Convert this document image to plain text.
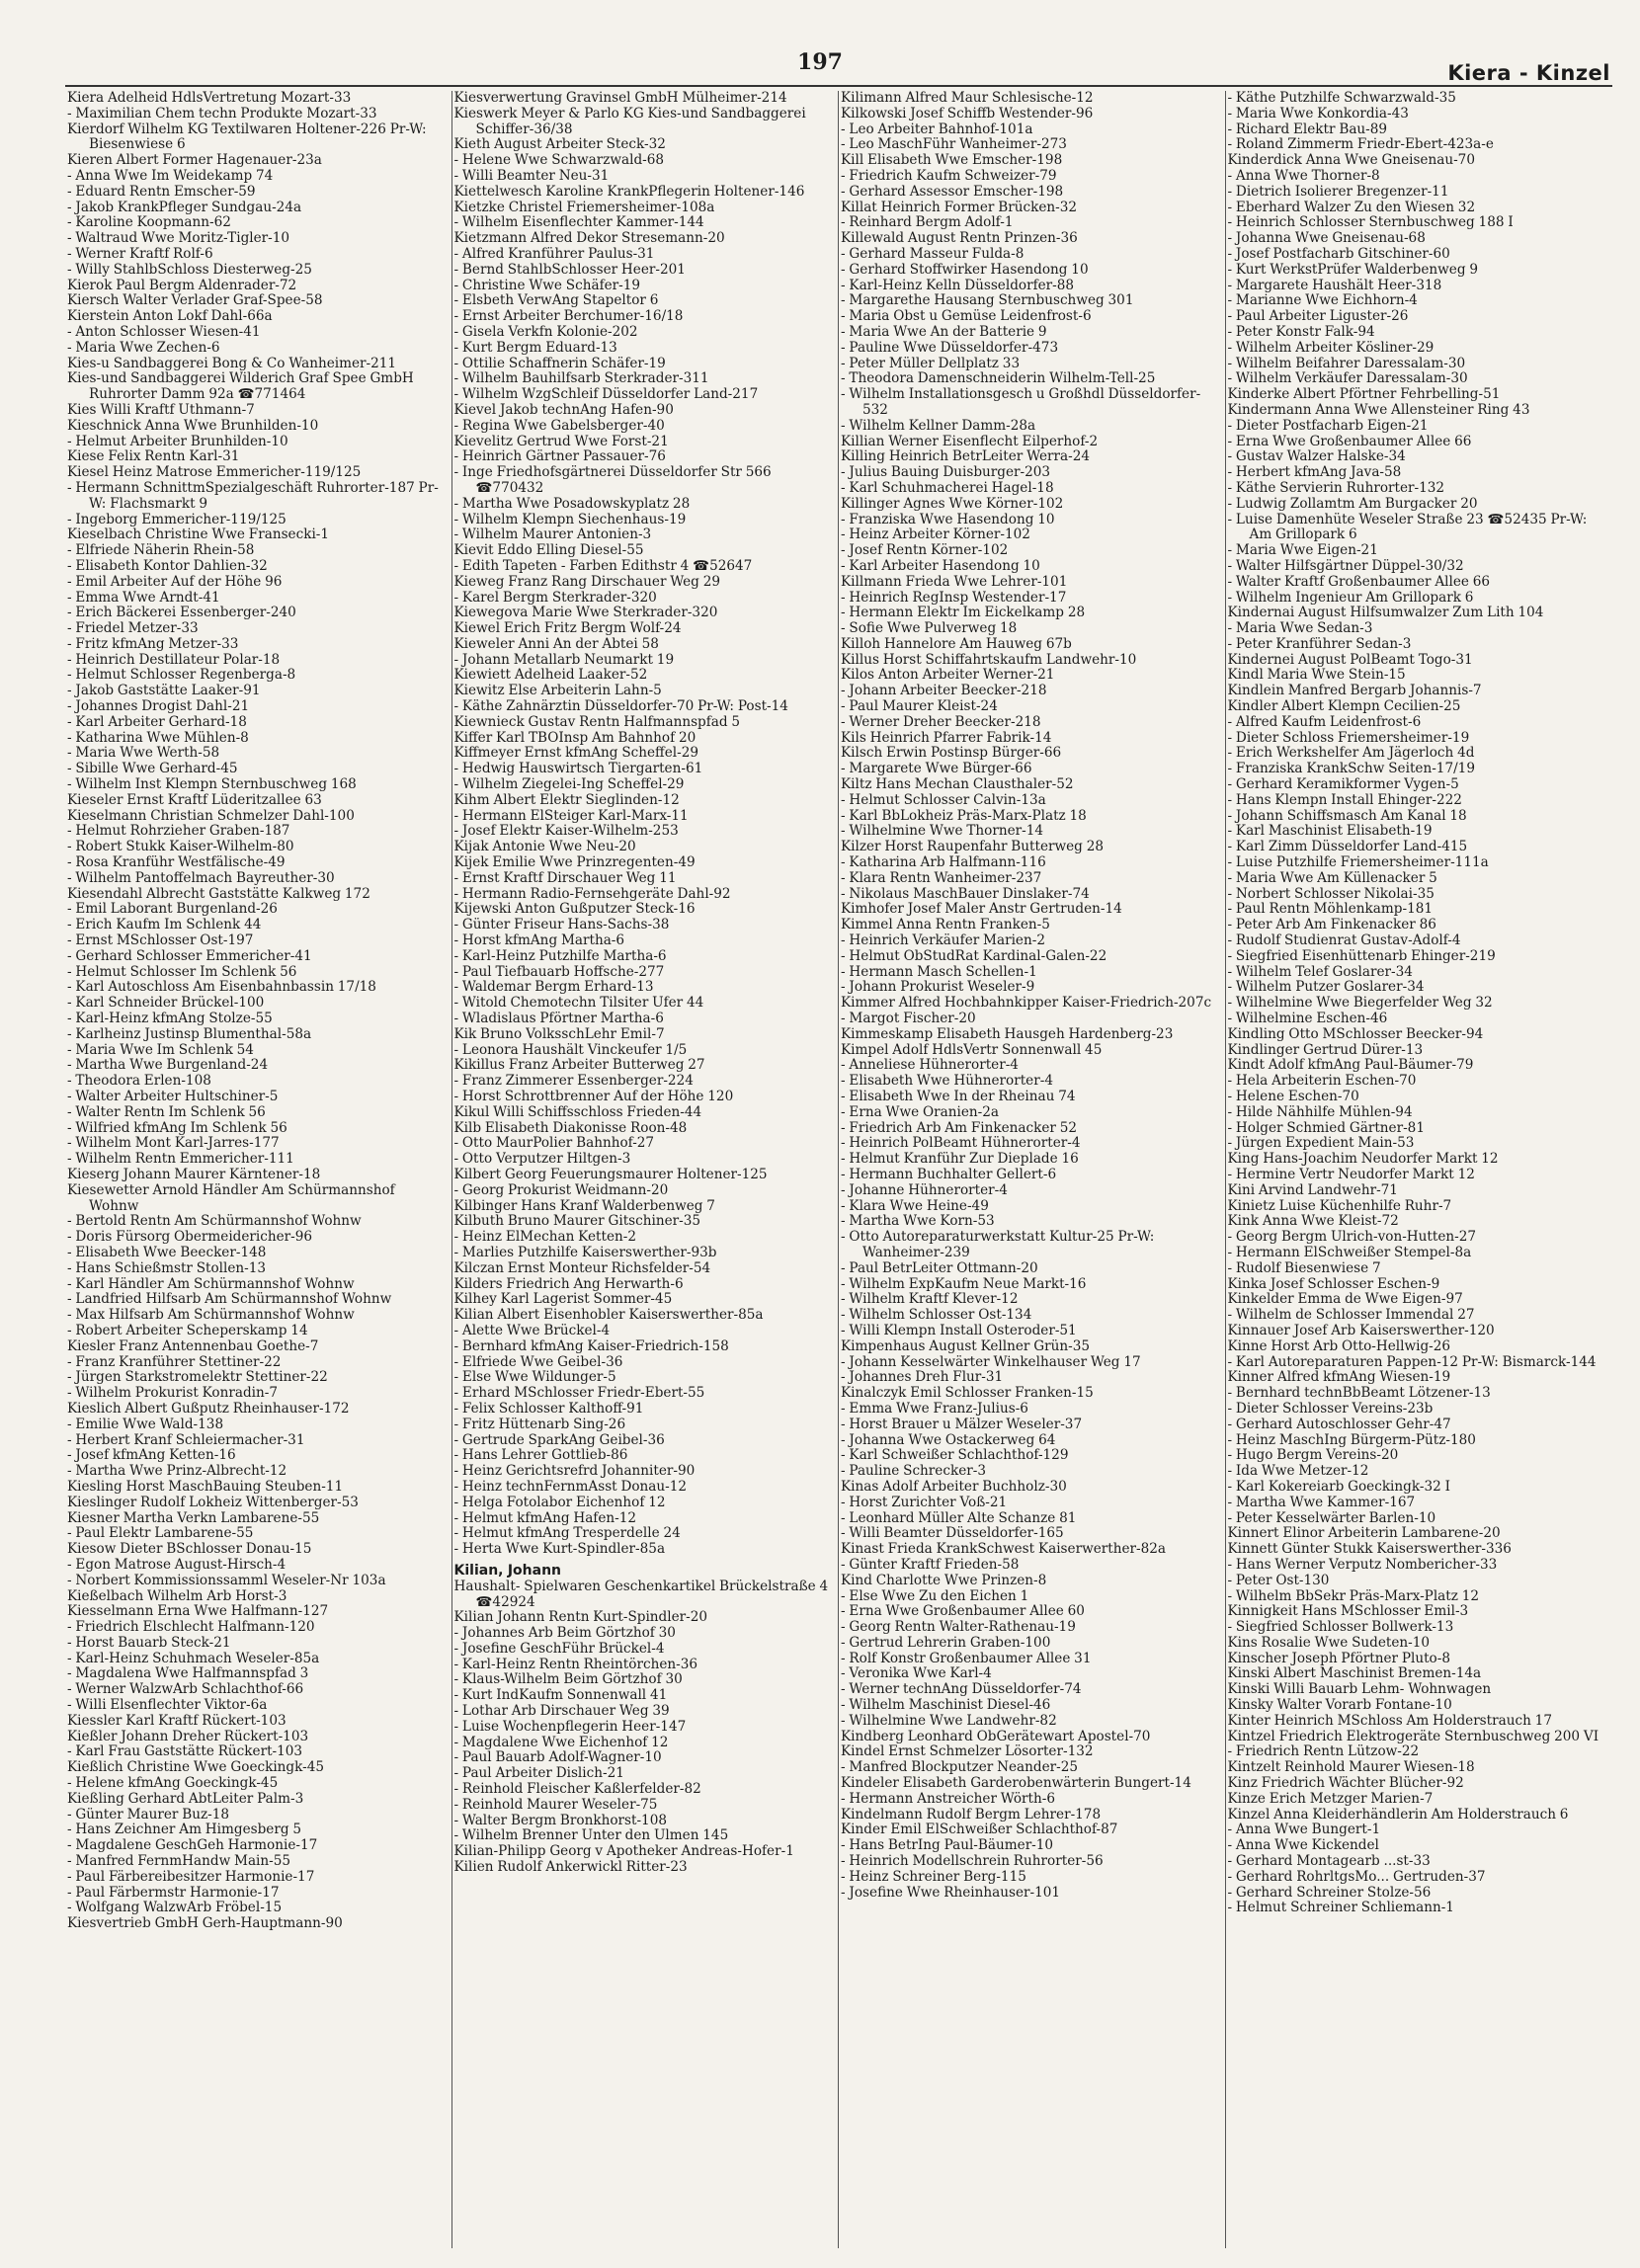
197	Kiera - Kinzel

Kiera Adelheid HdlsVertretung Mozart-33

- Maximilian Chem techn Produkte Mozart-33

Kierdorf Wilhelm KG Textilwaren Holtener-226 Pr-W: Biesenwiese 6

Kieren Albert Former Hagenauer-23a

- Anna Wwe Im Weidekamp 74

- Eduard Rentn Emscher-59

- Jakob KrankPfleger Sundgau-24a

- Karoline Koopmann-62

- Waltraud Wwe Moritz-Tigler-10

- Werner Kraftf Rolf-6

- Willy StahlbSchloss Diesterweg-25

Kierok Paul Bergm Aldenrader-72

Kiersch Walter Verlader Graf-Spee-58

Kierstein Anton Lokf Dahl-66a

- Anton Schlosser Wiesen-41

- Maria Wwe Zechen-6

Kies-u Sandbaggerei Bong & Co Wanheimer-211

Kies-und Sandbaggerei Wilderich Graf Spee GmbH Ruhrorter Damm 92a ☎771464

Kies Willi Kraftf Uthmann-7

Kieschnick Anna Wwe Brunhilden-10

- Helmut Arbeiter Brunhilden-10

Kiese Felix Rentn Karl-31

Kiesel Heinz Matrose Emmericher-119/125

- Hermann SchnittmSpezialgeschäft Ruhrorter-187 Pr-W: Flachsmarkt 9

- Ingeborg Emmericher-119/125

Kieselbach Christine Wwe Fransecki-1

- Elfriede Näherin Rhein-58

- Elisabeth Kontor Dahlien-32

- Emil Arbeiter Auf der Höhe 96

- Emma Wwe Arndt-41

- Erich Bäckerei Essenberger-240

- Friedel Metzer-33

- Fritz kfmAng Metzer-33

- Heinrich Destillateur Polar-18

- Helmut Schlosser Regenberga-8

- Jakob Gaststätte Laaker-91

- Johannes Drogist Dahl-21

- Karl Arbeiter Gerhard-18

- Katharina Wwe Mühlen-8

- Maria Wwe Werth-58

- Sibille Wwe Gerhard-45

- Wilhelm Inst Klempn Sternbuschweg 168

Kieseler Ernst Kraftf Lüderitzallee 63

Kieselmann Christian Schmelzer Dahl-100

- Helmut Rohrzieher Graben-187

- Robert Stukk Kaiser-Wilhelm-80

- Rosa Kranführ Westfälische-49

- Wilhelm Pantoffelmach Bayreuther-30

Kiesendahl Albrecht Gaststätte Kalkweg 172

- Emil Laborant Burgenland-26

- Erich Kaufm Im Schlenk 44

- Ernst MSchlosser Ost-197

- Gerhard Schlosser Emmericher-41

- Helmut Schlosser Im Schlenk 56

- Karl Autoschloss Am Eisenbahnbassin 17/18

- Karl Schneider Brückel-100

- Karl-Heinz kfmAng Stolze-55

- Karlheinz Justinsp Blumenthal-58a

- Maria Wwe Im Schlenk 54

- Martha Wwe Burgenland-24

- Theodora Erlen-108

- Walter Arbeiter Hultschiner-5

- Walter Rentn Im Schlenk 56

- Wilfried kfmAng Im Schlenk 56

- Wilhelm Mont Karl-Jarres-177

- Wilhelm Rentn Emmericher-111

Kieserg Johann Maurer Kärntener-18

Kiesewetter Arnold Händler Am Schürmannshof Wohnw

- Bertold Rentn Am Schürmannshof Wohnw

- Doris Fürsorg Obermeidericher-96

- Elisabeth Wwe Beecker-148

- Hans Schießmstr Stollen-13

- Karl Händler Am Schürmannshof Wohnw

- Landfried Hilfsarb Am Schürmannshof Wohnw

- Max Hilfsarb Am Schürmannshof Wohnw

- Robert Arbeiter Scheperskamp 14

Kiesler Franz Antennenbau Goethe-7

- Franz Kranführer Stettiner-22

- Jürgen Starkstromelektr Stettiner-22

- Wilhelm Prokurist Konradin-7

Kieslich Albert Gußputz Rheinhauser-172

- Emilie Wwe Wald-138

- Herbert Kranf Schleiermacher-31

- Josef kfmAng Ketten-16

- Martha Wwe Prinz-Albrecht-12

Kiesling Horst MaschBauing Steuben-11

Kieslinger Rudolf Lokheiz Wittenberger-53

Kiesner Martha Verkn Lambarene-55

- Paul Elektr Lambarene-55

Kiesow Dieter BSchlosser Donau-15

- Egon Matrose August-Hirsch-4

- Norbert Kommissionssamml Weseler-Nr 103a

Kießelbach Wilhelm Arb Horst-3

Kiesselmann Erna Wwe Halfmann-127

- Friedrich Elschlecht Halfmann-120

- Horst Bauarb Steck-21

- Karl-Heinz Schuhmach Weseler-85a

- Magdalena Wwe Halfmannspfad 3

- Werner WalzwArb Schlachthof-66

- Willi Elsenflechter Viktor-6a

Kiessler Karl Kraftf Rückert-103

Kießler Johann Dreher Rückert-103

- Karl Frau Gaststätte Rückert-103

Kießlich Christine Wwe Goeckingk-45

- Helene kfmAng Goeckingk-45

Kießling Gerhard AbtLeiter Palm-3

- Günter Maurer Buz-18

- Hans Zeichner Am Himgesberg 5

- Magdalene GeschGeh Harmonie-17

- Manfred FernmHandw Main-55

- Paul Färbereibesitzer Harmonie-17

- Paul Färbermstr Harmonie-17

- Wolfgang WalzwArb Fröbel-15

Kiesvertrieb GmbH Gerh-Hauptmann-90

Kiesverwertung Gravinsel GmbH Mülheimer-214

Kieswerk Meyer & Parlo KG Kies-und Sandbaggerei Schiffer-36/38

Kieth August Arbeiter Steck-32

- Helene Wwe Schwarzwald-68

- Willi Beamter Neu-31

Kiettelwesch Karoline KrankPflegerin Holtener-146

Kietzke Christel Friemersheimer-108a

- Wilhelm Eisenflechter Kammer-144

Kietzmann Alfred Dekor Stresemann-20

- Alfred Kranführer Paulus-31

- Bernd StahlbSchlosser Heer-201

- Christine Wwe Schäfer-19

- Elsbeth VerwAng Stapeltor 6

- Ernst Arbeiter Berchumer-16/18

- Gisela Verkfn Kolonie-202

- Kurt Bergm Eduard-13

- Ottilie Schaffnerin Schäfer-19

- Wilhelm Bauhilfsarb Sterkrader-311

- Wilhelm WzgSchleif Düsseldorfer Land-217

Kievel Jakob technAng Hafen-90

- Regina Wwe Gabelsberger-40

Kievelitz Gertrud Wwe Forst-21

- Heinrich Gärtner Passauer-76

- Inge Friedhofsgärtnerei Düsseldorfer Str 566 ☎770432

- Martha Wwe Posadowskyplatz 28

- Wilhelm Klempn Siechenhaus-19

- Wilhelm Maurer Antonien-3

Kievit Eddo Elling Diesel-55

- Edith Tapeten - Farben Edithstr 4 ☎52647

Kieweg Franz Rang Dirschauer Weg 29

- Karel Bergm Sterkrader-320

Kiewegova Marie Wwe Sterkrader-320

Kiewel Erich Fritz Bergm Wolf-24

Kieweler Anni An der Abtei 58

- Johann Metallarb Neumarkt 19

Kiewiett Adelheid Laaker-52

Kiewitz Else Arbeiterin Lahn-5

- Käthe Zahnärztin Düsseldorfer-70 Pr-W: Post-14

Kiewnieck Gustav Rentn Halfmannspfad 5

Kiffer Karl TBOInsp Am Bahnhof 20

Kiffmeyer Ernst kfmAng Scheffel-29

- Hedwig Hauswirtsch Tiergarten-61

- Wilhelm Ziegelei-Ing Scheffel-29

Kihm Albert Elektr Sieglinden-12

- Hermann ElSteiger Karl-Marx-11

- Josef Elektr Kaiser-Wilhelm-253

Kijak Antonie Wwe Neu-20

Kijek Emilie Wwe Prinzregenten-49

- Ernst Kraftf Dirschauer Weg 11

- Hermann Radio-Fernsehgeräte Dahl-92

Kijewski Anton Gußputzer Steck-16

- Günter Friseur Hans-Sachs-38

- Horst kfmAng Martha-6

- Karl-Heinz Putzhilfe Martha-6

- Paul Tiefbauarb Hoffsche-277

- Waldemar Bergm Erhard-13

- Witold Chemotechn Tilsiter Ufer 44

- Wladislaus Pförtner Martha-6

Kik Bruno VolksschLehr Emil-7

- Leonora Haushält Vinckeufer 1/5

Kikillus Franz Arbeiter Butterweg 27

- Franz Zimmerer Essenberger-224

- Horst Schrottbrenner Auf der Höhe 120

Kikul Willi Schiffsschloss Frieden-44

Kilb Elisabeth Diakonisse Roon-48

- Otto MaurPolier Bahnhof-27

- Otto Verputzer Hiltgen-3

Kilbert Georg Feuerungsmaurer Holtener-125

- Georg Prokurist Weidmann-20

Kilbinger Hans Kranf Walderbenweg 7

Kilbuth Bruno Maurer Gitschiner-35

- Heinz ElMechan Ketten-2

- Marlies Putzhilfe Kaiserswerther-93b

Kilczan Ernst Monteur Richsfelder-54

Kilders Friedrich Ang Herwarth-6

Kilhey Karl Lagerist Sommer-45

Kilian Albert Eisenhobler Kaiserswerther-85a

- Alette Wwe Brückel-4

- Bernhard kfmAng Kaiser-Friedrich-158

- Elfriede Wwe Geibel-36

- Else Wwe Wildunger-5

- Erhard MSchlosser Friedr-Ebert-55

- Felix Schlosser Kalthoff-91

- Fritz Hüttenarb Sing-26

- Gertrude SparkAng Geibel-36

- Hans Lehrer Gottlieb-86

- Heinz Gerichtsrefrd Johanniter-90

- Heinz technFernmAsst Donau-12

- Helga Fotolabor Eichenhof 12

- Helmut kfmAng Hafen-12

- Helmut kfmAng Tresperdelle 24

- Herta Wwe Kurt-Spindler-85a

Kilian, Johann

Haushalt- Spielwaren Geschenkartikel Brückelstraße 4 ☎42924

Kilian Johann Rentn Kurt-Spindler-20

- Johannes Arb Beim Görtzhof 30

- Josefine GeschFühr Brückel-4

- Karl-Heinz Rentn Rheintörchen-36

- Klaus-Wilhelm Beim Görtzhof 30

- Kurt IndKaufm Sonnenwall 41

- Lothar Arb Dirschauer Weg 39

- Luise Wochenpflegerin Heer-147

- Magdalene Wwe Eichenhof 12

- Paul Bauarb Adolf-Wagner-10

- Paul Arbeiter Dislich-21

- Reinhold Fleischer Kaßlerfelder-82

- Reinhold Maurer Weseler-75

- Walter Bergm Bronkhorst-108

- Wilhelm Brenner Unter den Ulmen 145

Kilian-Philipp Georg v Apotheker Andreas-Hofer-1

Kilien Rudolf Ankerwickl Ritter-23

Kilimann Alfred Maur Schlesische-12

Kilkowski Josef Schiffb Westender-96

- Leo Arbeiter Bahnhof-101a

- Leo MaschFühr Wanheimer-273

Kill Elisabeth Wwe Emscher-198

- Friedrich Kaufm Schweizer-79

- Gerhard Assessor Emscher-198

Killat Heinrich Former Brücken-32

- Reinhard Bergm Adolf-1

Killewald August Rentn Prinzen-36

- Gerhard Masseur Fulda-8

- Gerhard Stoffwirker Hasendong 10

- Karl-Heinz Kelln Düsseldorfer-88

- Margarethe Hausang Sternbuschweg 301

- Maria Obst u Gemüse Leidenfrost-6

- Maria Wwe An der Batterie 9

- Pauline Wwe Düsseldorfer-473

- Peter Müller Dellplatz 33

- Theodora Damenschneiderin Wilhelm-Tell-25

- Wilhelm Installationsgesch u Großhdl Düsseldorfer-532

- Wilhelm Kellner Damm-28a

Killian Werner Eisenflecht Eilperhof-2

Killing Heinrich BetrLeiter Werra-24

- Julius Bauing Duisburger-203

- Karl Schuhmacherei Hagel-18

Killinger Agnes Wwe Körner-102

- Franziska Wwe Hasendong 10

- Heinz Arbeiter Körner-102

- Josef Rentn Körner-102

- Karl Arbeiter Hasendong 10

Killmann Frieda Wwe Lehrer-101

- Heinrich RegInsp Westender-17

- Hermann Elektr Im Eickelkamp 28

- Sofie Wwe Pulverweg 18

Killoh Hannelore Am Hauweg 67b

Killus Horst Schiffahrtskaufm Landwehr-10

Kilos Anton Arbeiter Werner-21

- Johann Arbeiter Beecker-218

- Paul Maurer Kleist-24

- Werner Dreher Beecker-218

Kils Heinrich Pfarrer Fabrik-14

Kilsch Erwin Postinsp Bürger-66

- Margarete Wwe Bürger-66

Kiltz Hans Mechan Clausthaler-52

- Helmut Schlosser Calvin-13a

- Karl BbLokheiz Präs-Marx-Platz 18

- Wilhelmine Wwe Thorner-14

Kilzer Horst Raupenfahr Butterweg 28

- Katharina Arb Halfmann-116

- Klara Rentn Wanheimer-237

- Nikolaus MaschBauer Dinslaker-74

Kimhofer Josef Maler Anstr Gertruden-14

Kimmel Anna Rentn Franken-5

- Heinrich Verkäufer Marien-2

- Helmut ObStudRat Kardinal-Galen-22

- Hermann Masch Schellen-1

- Johann Prokurist Weseler-9

Kimmer Alfred Hochbahnkipper Kaiser-Friedrich-207c

- Margot Fischer-20

Kimmeskamp Elisabeth Hausgeh Hardenberg-23

Kimpel Adolf HdlsVertr Sonnenwall 45

- Anneliese Hühnerorter-4

- Elisabeth Wwe Hühnerorter-4

- Elisabeth Wwe In der Rheinau 74

- Erna Wwe Oranien-2a

- Friedrich Arb Am Finkenacker 52

- Heinrich PolBeamt Hühnerorter-4

- Helmut Kranführ Zur Dieplade 16

- Hermann Buchhalter Gellert-6

- Johanne Hühnerorter-4

- Klara Wwe Heine-49

- Martha Wwe Korn-53

- Otto Autoreparaturwerkstatt Kultur-25 Pr-W: Wanheimer-239

- Paul BetrLeiter Ottmann-20

- Wilhelm ExpKaufm Neue Markt-16

- Wilhelm Kraftf Klever-12

- Wilhelm Schlosser Ost-134

- Willi Klempn Install Osteroder-51

Kimpenhaus August Kellner Grün-35

- Johann Kesselwärter Winkelhauser Weg 17

- Johannes Dreh Flur-31

Kinalczyk Emil Schlosser Franken-15

- Emma Wwe Franz-Julius-6

- Horst Brauer u Mälzer Weseler-37

- Johanna Wwe Ostackerweg 64

- Karl Schweißer Schlachthof-129

- Pauline Schrecker-3

Kinas Adolf Arbeiter Buchholz-30

- Horst Zurichter Voß-21

- Leonhard Müller Alte Schanze 81

- Willi Beamter Düsseldorfer-165

Kinast Frieda KrankSchwest Kaiserwerther-82a

- Günter Kraftf Frieden-58

Kind Charlotte Wwe Prinzen-8

- Else Wwe Zu den Eichen 1

- Erna Wwe Großenbaumer Allee 60

- Georg Rentn Walter-Rathenau-19

- Gertrud Lehrerin Graben-100

- Rolf Konstr Großenbaumer Allee 31

- Veronika Wwe Karl-4

- Werner technAng Düsseldorfer-74

- Wilhelm Maschinist Diesel-46

- Wilhelmine Wwe Landwehr-82

Kindberg Leonhard ObGerätewart Apostel-70

Kindel Ernst Schmelzer Lösorter-132

- Manfred Blockputzer Neander-25

Kindeler Elisabeth Garderobenwärterin Bungert-14

- Hermann Anstreicher Wörth-6

Kindelmann Rudolf Bergm Lehrer-178

Kinder Emil ElSchweißer Schlachthof-87

- Hans BetrIng Paul-Bäumer-10

- Heinrich Modellschrein Ruhrorter-56

- Heinz Schreiner Berg-115

- Josefine Wwe Rheinhauser-101

- Käthe Putzhilfe Schwarzwald-35

- Maria Wwe Konkordia-43

- Richard Elektr Bau-89

- Roland Zimmerm Friedr-Ebert-423a-e

Kinderdick Anna Wwe Gneisenau-70

- Anna Wwe Thorner-8

- Dietrich Isolierer Bregenzer-11

- Eberhard Walzer Zu den Wiesen 32

- Heinrich Schlosser Sternbuschweg 188 I

- Johanna Wwe Gneisenau-68

- Josef Postfacharb Gitschiner-60

- Kurt WerkstPrüfer Walderbenweg 9

- Margarete Haushält Heer-318

- Marianne Wwe Eichhorn-4

- Paul Arbeiter Liguster-26

- Peter Konstr Falk-94

- Wilhelm Arbeiter Kösliner-29

- Wilhelm Beifahrer Daressalam-30

- Wilhelm Verkäufer Daressalam-30

Kinderke Albert Pförtner Fehrbelling-51

Kindermann Anna Wwe Allensteiner Ring 43

- Dieter Postfacharb Eigen-21

- Erna Wwe Großenbaumer Allee 66

- Gustav Walzer Halske-34

- Herbert kfmAng Java-58

- Käthe Servierin Ruhrorter-132

- Ludwig Zollamtm Am Burgacker 20

- Luise Damenhüte Weseler Straße 23 ☎52435 Pr-W: Am Grillopark 6

- Maria Wwe Eigen-21

- Walter Hilfsgärtner Düppel-30/32

- Walter Kraftf Großenbaumer Allee 66

- Wilhelm Ingenieur Am Grillopark 6

Kindernai August Hilfsumwalzer Zum Lith 104

- Maria Wwe Sedan-3

- Peter Kranführer Sedan-3

Kindernei August PolBeamt Togo-31

Kindl Maria Wwe Stein-15

Kindlein Manfred Bergarb Johannis-7

Kindler Albert Klempn Cecilien-25

- Alfred Kaufm Leidenfrost-6

- Dieter Schloss Friemersheimer-19

- Erich Werkshelfer Am Jägerloch 4d

- Franziska KrankSchw Seiten-17/19

- Gerhard Keramikformer Vygen-5

- Hans Klempn Install Ehinger-222

- Johann Schiffsmasch Am Kanal 18

- Karl Maschinist Elisabeth-19

- Karl Zimm Düsseldorfer Land-415

- Luise Putzhilfe Friemersheimer-111a

- Maria Wwe Am Küllenacker 5

- Norbert Schlosser Nikolai-35

- Paul Rentn Möhlenkamp-181

- Peter Arb Am Finkenacker 86

- Rudolf Studienrat Gustav-Adolf-4

- Siegfried Eisenhüttenarb Ehinger-219

- Wilhelm Telef Goslarer-34

- Wilhelm Putzer Goslarer-34

- Wilhelmine Wwe Biegerfelder Weg 32

- Wilhelmine Eschen-46

Kindling Otto MSchlosser Beecker-94

Kindlinger Gertrud Dürer-13

Kindt Adolf kfmAng Paul-Bäumer-79

- Hela Arbeiterin Eschen-70

- Helene Eschen-70

- Hilde Nähhilfe Mühlen-94

- Holger Schmied Gärtner-81

- Jürgen Expedient Main-53

King Hans-Joachim Neudorfer Markt 12

- Hermine Vertr Neudorfer Markt 12

Kini Arvind Landwehr-71

Kinietz Luise Küchenhilfe Ruhr-7

Kink Anna Wwe Kleist-72

- Georg Bergm Ulrich-von-Hutten-27

- Hermann ElSchweißer Stempel-8a

- Rudolf Biesenwiese 7

Kinka Josef Schlosser Eschen-9

Kinkelder Emma de Wwe Eigen-97

- Wilhelm de Schlosser Immendal 27

Kinnauer Josef Arb Kaiserswerther-120

Kinne Horst Arb Otto-Hellwig-26

- Karl Autoreparaturen Pappen-12 Pr-W: Bismarck-144

Kinner Alfred kfmAng Wiesen-19

- Bernhard technBbBeamt Lötzener-13

- Dieter Schlosser Vereins-23b

- Gerhard Autoschlosser Gehr-47

- Heinz MaschIng Bürgerm-Pütz-180

- Hugo Bergm Vereins-20

- Ida Wwe Metzer-12

- Karl Kokereiarb Goeckingk-32 I

- Martha Wwe Kammer-167

- Peter Kesselwärter Barlen-10

Kinnert Elinor Arbeiterin Lambarene-20

Kinnett Günter Stukk Kaiserswerther-336

- Hans Werner Verputz Nombericher-33

- Peter Ost-130

- Wilhelm BbSekr Präs-Marx-Platz 12

Kinnigkeit Hans MSchlosser Emil-3

- Siegfried Schlosser Bollwerk-13

Kins Rosalie Wwe Sudeten-10

Kinscher Joseph Pförtner Pluto-8

Kinski Albert Maschinist Bremen-14a

Kinski Willi Bauarb Lehm- Wohnwagen

Kinsky Walter Vorarb Fontane-10

Kinter Heinrich MSchloss Am Holderstrauch 17

Kintzel Friedrich Elektrogeräte Sternbuschweg 200 VI

- Friedrich Rentn Lützow-22

Kintzelt Reinhold Maurer Wiesen-18

Kinz Friedrich Wächter Blücher-92

Kinze Erich Metzger Marien-7

Kinzel Anna Kleiderhändlerin Am Holderstrauch 6

- Anna Wwe Bungert-1

- Anna Wwe Kickendel

- Gerhard Montagearb ...st-33

- Gerhard RohrltgsMo... Gertruden-37

- Gerhard Schreiner Stolze-56

- Helmut Schreiner Schliemann-1
